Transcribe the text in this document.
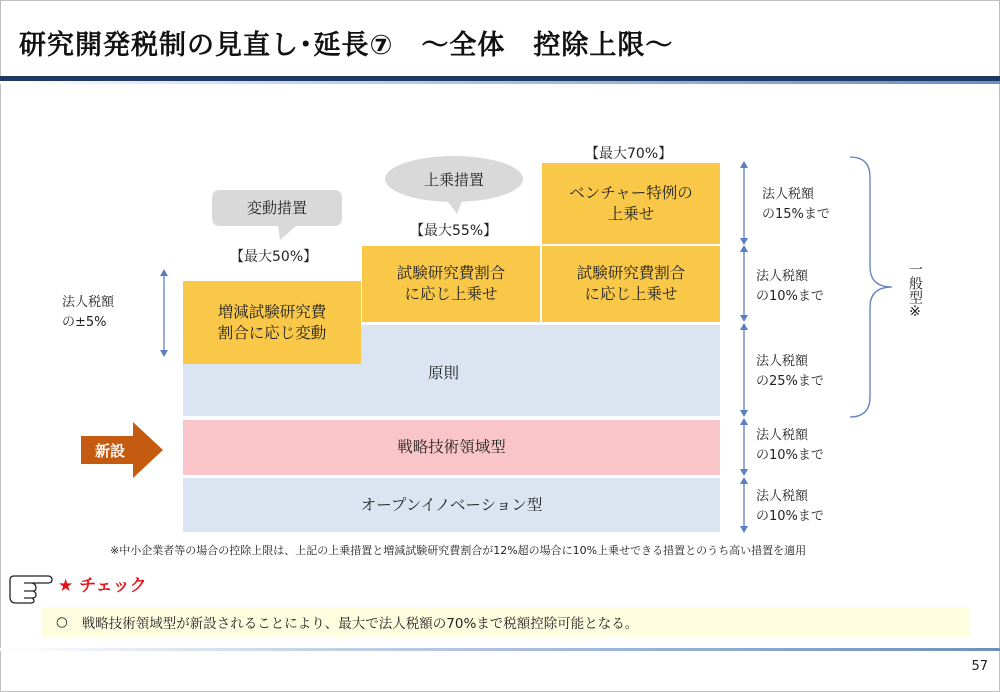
研究開発税制の見直し･延長⑦　～全体　控除上限～
変動措置
上乗措置
【最大50%】
【最大55%】
【最大70%】
原則
増減試験研究費
割合に応じ変動
試験研究費割合
に応じ上乗せ
試験研究費割合
に応じ上乗せ
ベンチャー特例の
上乗せ
戦略技術領域型
オープンイノベーション型
法人税額
の±5%
新設
法人税額
の15%まで
法人税額
の10%まで
法人税額
の25%まで
法人税額
の10%まで
法人税額
の10%まで
一般型※
※中小企業者等の場合の控除上限は、上記の上乗措置と増減試験研究費割合が12%超の場合に10%上乗せできる措置とのうち高い措置を適用
★ チェック
○ 戦略技術領域型が新設されることにより、最大で法人税額の70%まで税額控除可能となる。
57
